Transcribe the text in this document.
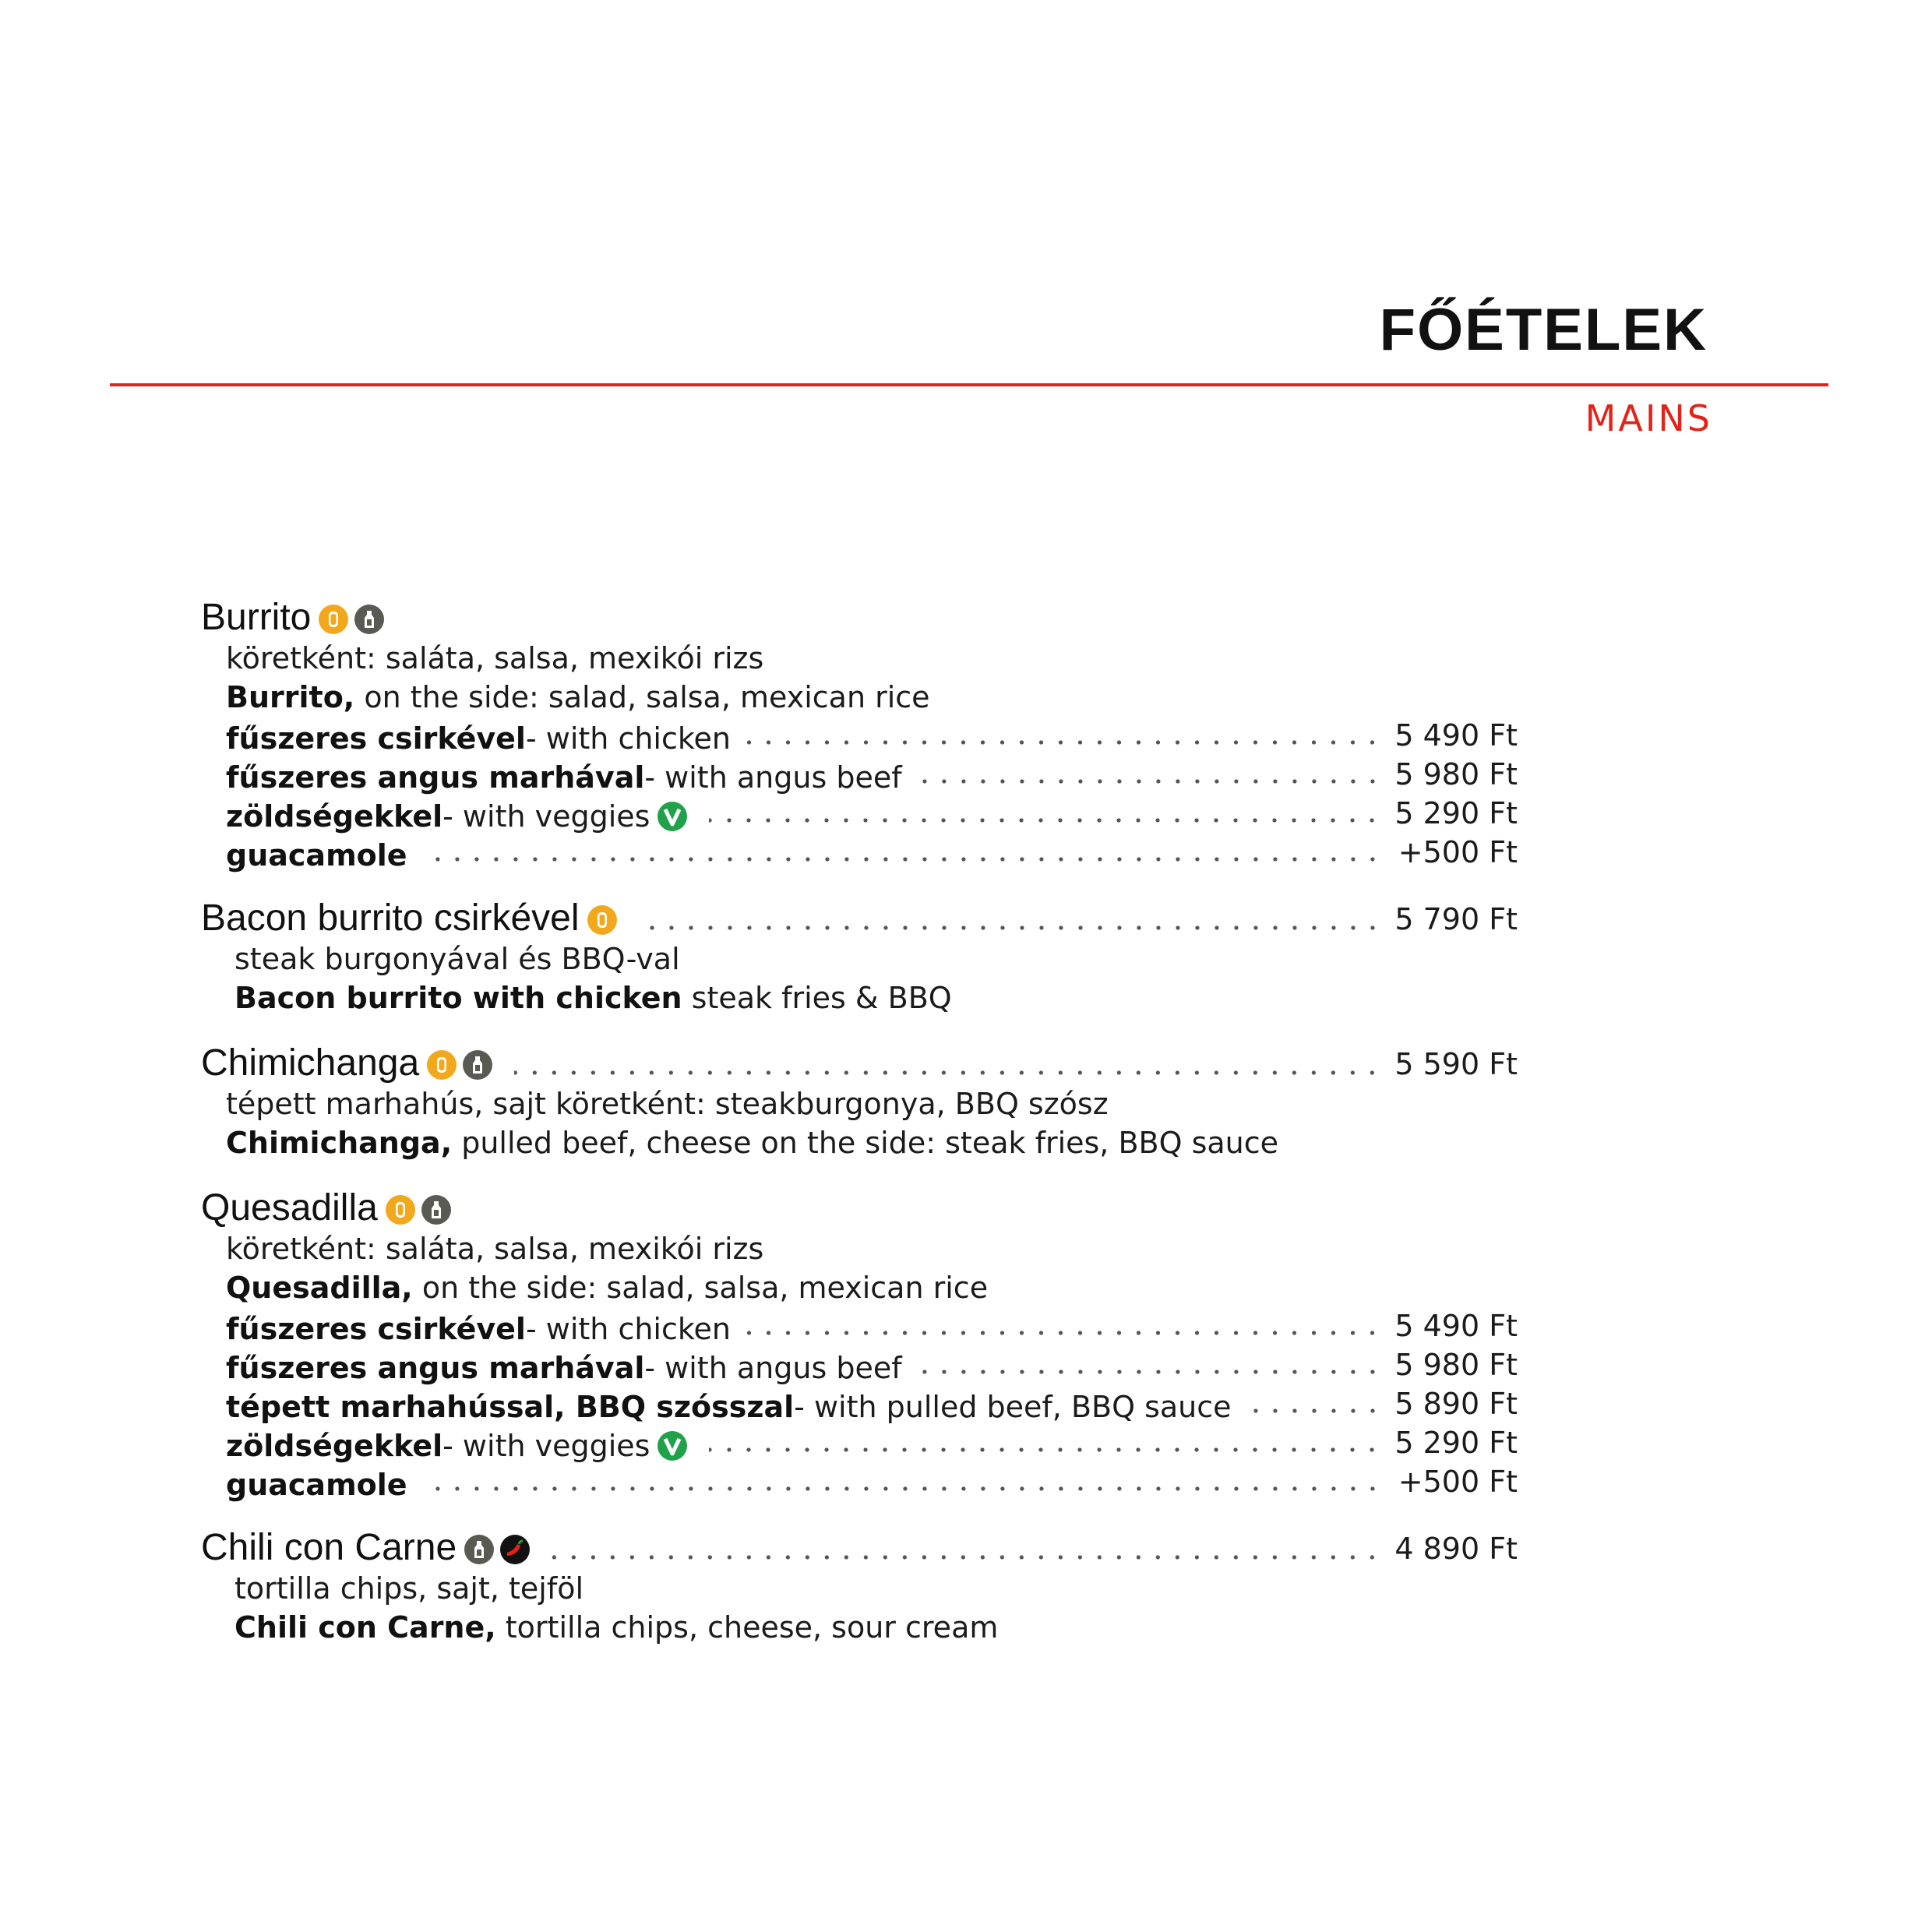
FŐÉTELEK
MAINS
Burrito
köretként: saláta, salsa, mexikói rizs
Burrito, on the side: salad, salsa, mexican rice
fűszeres csirkével - with chicken	5 490 Ft
fűszeres angus marhával - with angus beef	5 980 Ft
zöldségekkel - with veggies	5 290 Ft
guacamole	+500 Ft
Bacon burrito csirkével	5 790 Ft
steak burgonyával és BBQ-val
Bacon burrito with chicken steak fries & BBQ
Chimichanga	5 590 Ft
tépett marhahús, sajt köretként: steakburgonya, BBQ szósz
Chimichanga, pulled beef, cheese on the side: steak fries, BBQ sauce
Quesadilla
köretként: saláta, salsa, mexikói rizs
Quesadilla, on the side: salad, salsa, mexican rice
fűszeres csirkével - with chicken	5 490 Ft
fűszeres angus marhával - with angus beef	5 980 Ft
tépett marhahússal, BBQ szósszal - with pulled beef, BBQ sauce	5 890 Ft
zöldségekkel - with veggies	5 290 Ft
guacamole	+500 Ft
Chili con Carne	4 890 Ft
tortilla chips, sajt, tejföl
Chili con Carne, tortilla chips, cheese, sour cream
